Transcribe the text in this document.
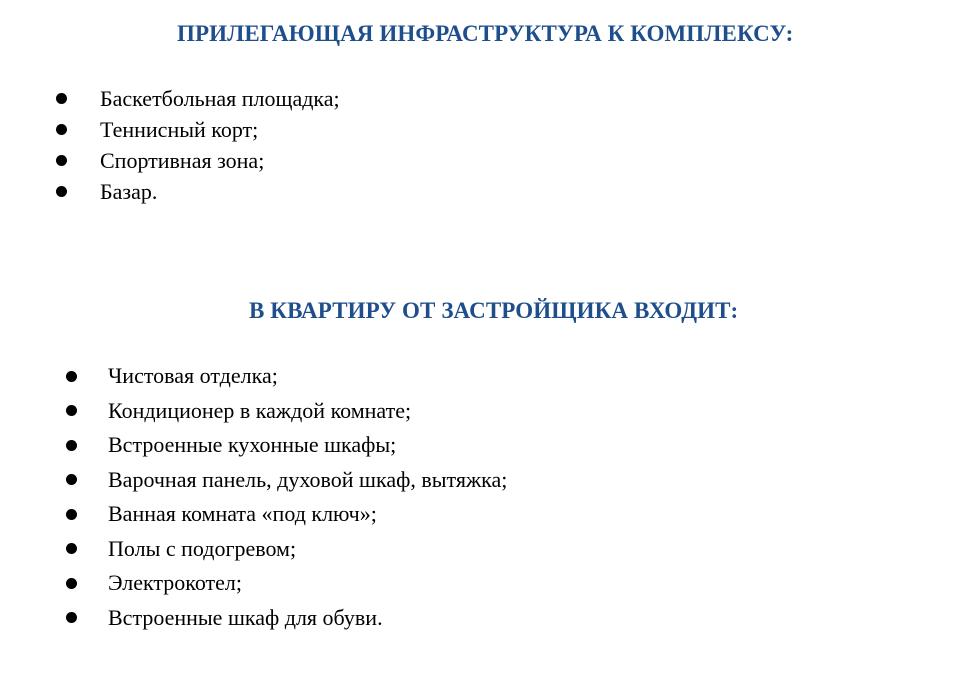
ПРИЛЕГАЮЩАЯ ИНФРАСТРУКТУРА К КОМПЛЕКСУ:
Баскетбольная площадка;
Теннисный корт;
Спортивная зона;
Базар.
В КВАРТИРУ ОТ ЗАСТРОЙЩИКА ВХОДИТ:
Чистовая отделка;
Кондиционер в каждой комнате;
Встроенные кухонные шкафы;
Варочная панель, духовой шкаф, вытяжка;
Ванная комната «под ключ»;
Полы с подогревом;
Электрокотел;
Встроенные шкаф для обуви.
